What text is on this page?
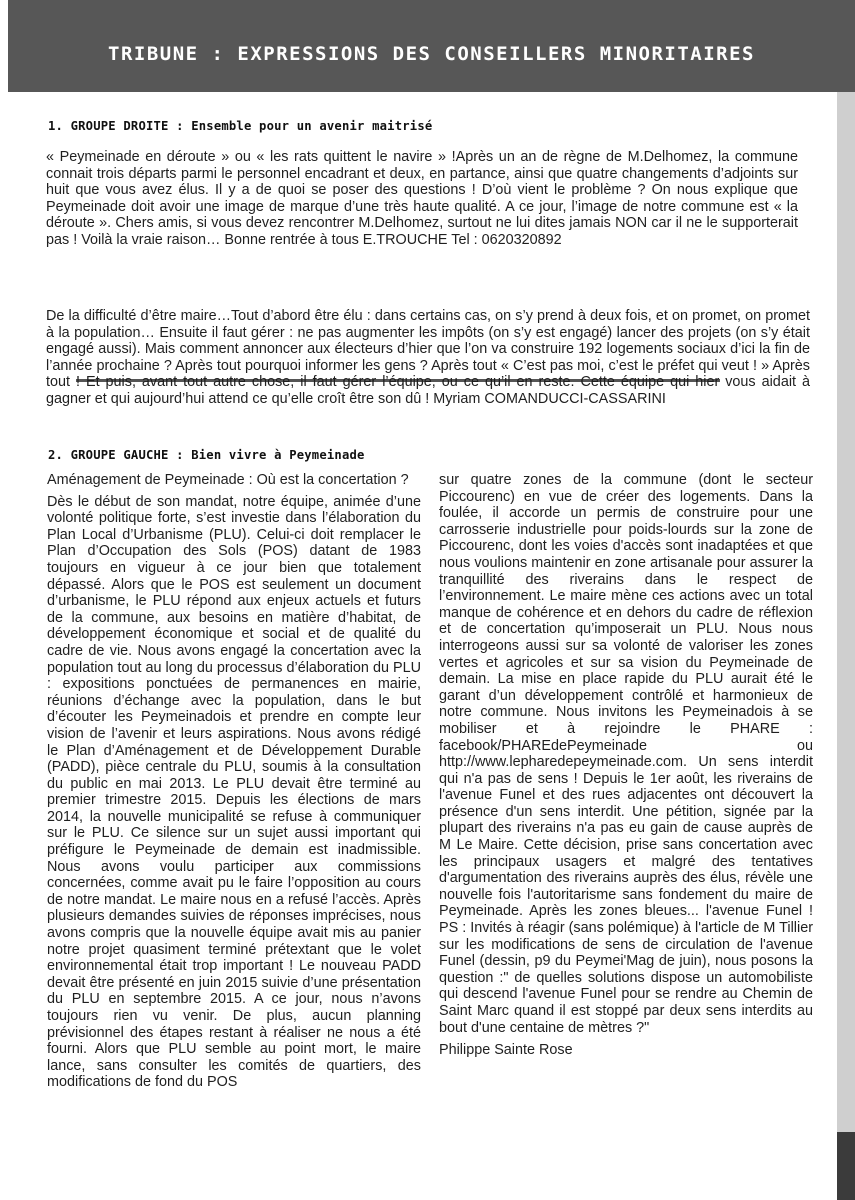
TRIBUNE : EXPRESSIONS DES CONSEILLERS MINORITAIRES
1. GROUPE DROITE : Ensemble pour un avenir maitrisé

« Peymeinade en déroute » ou « les rats quittent le navire » !Après un an de règne de M.Delhomez, la commune connait trois départs parmi le personnel encadrant et deux, en partance, ainsi que quatre changements d’adjoints sur huit que vous avez élus. Il y a de quoi se poser des questions ! D’où vient le problème ? On nous explique que Peymeinade doit avoir une image de marque d’une très haute qualité. A ce jour, l’image de notre commune est « la déroute ». Chers amis, si vous devez rencontrer M.Delhomez, surtout ne lui dites jamais NON car il ne le supporterait pas ! Voilà la vraie raison… Bonne rentrée à tous E.TROUCHE Tel : 0620320892

De la difficulté d’être maire…Tout d’abord être élu : dans certains cas, on s’y prend à deux fois, et on promet, on promet à la population… Ensuite il faut gérer : ne pas augmenter les impôts (on s’y est engagé) lancer des projets (on s’y était engagé aussi). Mais comment annoncer aux électeurs d’hier que l’on va construire 192 logements sociaux d’ici la fin de l’année prochaine ? Après tout pourquoi informer les gens ? Après tout « C’est pas moi, c’est le préfet qui veut ! » Après tout ! Et puis, avant tout autre chose, il faut gérer l’équipe, ou ce qu’il en reste. Cette équipe qui hier vous aidait à gagner et qui aujourd’hui attend ce qu’elle croît être son dû ! Myriam COMANDUCCI-CASSARINI

2. GROUPE GAUCHE : Bien vivre à Peymeinade

Aménagement de Peymeinade : Où est la concertation ?

Dès le début de son mandat, notre équipe, animée d’une volonté politique forte, s’est investie dans l’élaboration du Plan Local d’Urbanisme (PLU). Celui-ci doit remplacer le Plan d’Occupation des Sols (POS) datant de 1983 toujours en vigueur à ce jour bien que totalement dépassé. Alors que le POS est seulement un document d’urbanisme, le PLU répond aux enjeux actuels et futurs de la commune, aux besoins en matière d’habitat, de développement économique et social et de qualité du cadre de vie. Nous avons engagé la concertation avec la population tout au long du processus d’élaboration du PLU : expositions ponctuées de permanences en mairie, réunions d’échange avec la population, dans le but d’écouter les Peymeinadois et prendre en compte leur vision de l’avenir et leurs aspirations. Nous avons rédigé le Plan d’Aménagement et de Développement Durable (PADD), pièce centrale du PLU, soumis à la consultation du public en mai 2013. Le PLU devait être terminé au premier trimestre 2015. Depuis les élections de mars 2014, la nouvelle municipalité se refuse à communiquer sur le PLU. Ce silence sur un sujet aussi important qui préfigure le Peymeinade de demain est inadmissible. Nous avons voulu participer aux commissions concernées, comme avait pu le faire l’opposition au cours de notre mandat. Le maire nous en a refusé l’accès. Après plusieurs demandes suivies de réponses imprécises, nous avons compris que la nouvelle équipe avait mis au panier notre projet quasiment terminé prétextant que le volet environnemental était trop important ! Le nouveau PADD devait être présenté en juin 2015 suivie d’une présentation du PLU en septembre 2015. A ce jour, nous n’avons toujours rien vu venir. De plus, aucun planning prévisionnel des étapes restant à réaliser ne nous a été fourni. Alors que PLU semble au point mort, le maire lance, sans consulter les comités de quartiers, des modifications de fond du POS

sur quatre zones de la commune (dont le secteur Piccourenc) en vue de créer des logements. Dans la foulée, il accorde un permis de construire pour une carrosserie industrielle pour poids-lourds sur la zone de Piccourenc, dont les voies d'accès sont inadaptées et que nous voulions maintenir en zone artisanale pour assurer la tranquillité des riverains dans le respect de l’environnement. Le maire mène ces actions avec un total manque de cohérence et en dehors du cadre de réflexion et de concertation qu’imposerait un PLU. Nous nous interrogeons aussi sur sa volonté de valoriser les zones vertes et agricoles et sur sa vision du Peymeinade de demain. La mise en place rapide du PLU aurait été le garant d’un développement contrôlé et harmonieux de notre commune. Nous invitons les Peymeinadois à se mobiliser et à rejoindre le PHARE : facebook/PHAREdePeymeinade ou http://www.lepharedepeymeinade.com. Un sens interdit qui n'a pas de sens ! Depuis le 1er août, les riverains de l'avenue Funel et des rues adjacentes ont découvert la présence d'un sens interdit. Une pétition, signée par la plupart des riverains n'a pas eu gain de cause auprès de M Le Maire. Cette décision, prise sans concertation avec les principaux usagers et malgré des tentatives d'argumentation des riverains auprès des élus, révèle une nouvelle fois l'autoritarisme sans fondement du maire de Peymeinade. Après les zones bleues... l'avenue Funel ! PS : Invités à réagir (sans polémique) à l'article de M Tillier sur les modifications de sens de circulation de l'avenue Funel (dessin, p9 du Peymei'Mag de juin), nous posons la question :" de quelles solutions dispose un automobiliste qui descend l'avenue Funel pour se rendre au Chemin de Saint Marc quand il est stoppé par deux sens interdits au bout d'une centaine de mètres ?"

Philippe Sainte Rose
